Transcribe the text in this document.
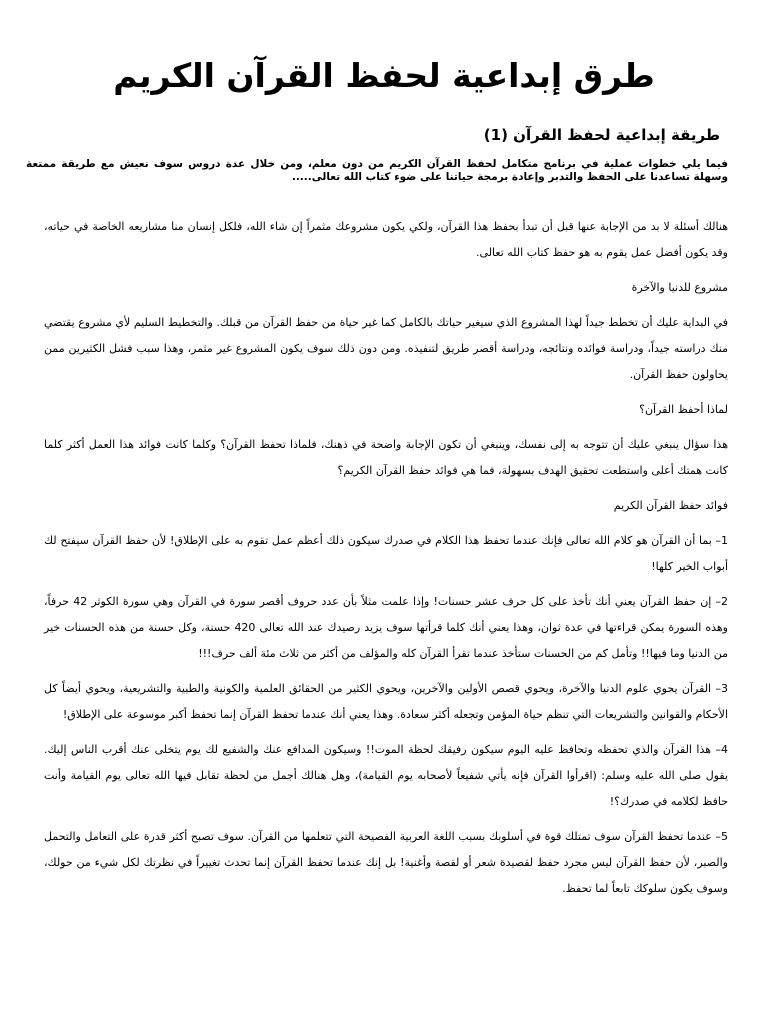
طرق إبداعية لحفظ القرآن الكريم
طريقة إبداعية لحفظ القرآن (1)
فيما يلي خطوات عملية في برنامج متكامل لحفظ القرآن الكريم من دون معلم، ومن خلال عدة دروس سوف نعيش مع طريقة ممتعة وسهلة تساعدنا على الحفظ والتدبر وإعادة برمجة حياتنا على ضوء كتاب الله تعالى.....

هنالك أسئلة لا بد من الإجابة عنها قبل أن تبدأ بحفظ هذا القرآن، ولكي يكون مشروعك مثمراً إن شاء الله، فلكل إنسان منا مشاريعه الخاصة في حياته، وقد يكون أفضل عمل يقوم به هو حفظ كتاب الله تعالى.

مشروع للدنيا والآخرة

في البداية عليك أن تخطط جيداً لهذا المشروع الذي سيغير حياتك بالكامل كما غير حياة من حفظ القرآن من قبلك. والتخطيط السليم لأي مشروع يقتضي منك دراسته جيداً، ودراسة فوائده ونتائجه، ودراسة أقصر طريق لتنفيذه. ومن دون ذلك سوف يكون المشروع غير مثمر، وهذا سبب فشل الكثيرين ممن يحاولون حفظ القرآن.

لماذا أحفظ القرآن؟

هذا سؤال ينبغي عليك أن تتوجه به إلى نفسك، وينبغي أن تكون الإجابة واضحة في ذهنك، فلماذا تحفظ القرآن؟ وكلما كانت فوائد هذا العمل أكثر كلما كانت همتك أعلى واستطعت تحقيق الهدف بسهولة، فما هي فوائد حفظ القرآن الكريم؟

فوائد حفظ القرآن الكريم

1– بما أن القرآن هو كلام الله تعالى فإنك عندما تحفظ هذا الكلام في صدرك سيكون ذلك أعظم عمل تقوم به على الإطلاق! لأن حفظ القرآن سيفتح لك أبواب الخير كلها!

2– إن حفظ القرآن يعني أنك تأخذ على كل حرف عشر حسنات! وإذا علمت مثلاً بأن عدد حروف أقصر سورة في القرآن وهي سورة الكوثر 42 حرفاً، وهذه السورة يمكن قراءتها في عدة ثوان، وهذا يعني أنك كلما قرأتها سوف يزيد رصيدك عند الله تعالى 420 حسنة، وكل حسنة من هذه الحسنات خير من الدنيا وما فيها!! وتأمل كم من الحسنات ستأخذ عندما تقرأ القرآن كله والمؤلف من أكثر من ثلاث مئة ألف حرف!!!

3– القرآن يحوي علوم الدنيا والآخرة، ويحوي قصص الأولين والآخرين، ويحوي الكثير من الحقائق العلمية والكونية والطبية والتشريعية، ويحوي أيضاً كل الأحكام والقوانين والتشريعات التي تنظم حياة المؤمن وتجعله أكثر سعادة. وهذا يعني أنك عندما تحفظ القرآن إنما تحفظ أكبر موسوعة على الإطلاق!

4– هذا القرآن والذي تحفظه وتحافظ عليه اليوم سيكون رفيقك لحظة الموت!! وسيكون المدافع عنك والشفيع لك يوم يتخلى عنك أقرب الناس إليك. يقول صلى الله عليه وسلم: (اقرأوا القرآن فإنه يأتي شفيعاً لأصحابه يوم القيامة)، وهل هنالك أجمل من لحظة تقابل فيها الله تعالى يوم القيامة وأنت حافظ لكلامه في صدرك؟!

5– عندما تحفظ القرآن سوف تمتلك قوة في أسلوبك بسبب اللغة العربية الفصيحة التي تتعلمها من القرآن. سوف تصبح أكثر قدرة على التعامل والتحمل والصبر، لأن حفظ القرآن ليس مجرد حفظ لقصيدة شعر أو لقصة وأغنية! بل إنك عندما تحفظ القرآن إنما تحدث تغييراً في نظرتك لكل شيء من حولك، وسوف يكون سلوكك تابعاً لما تحفظ.
